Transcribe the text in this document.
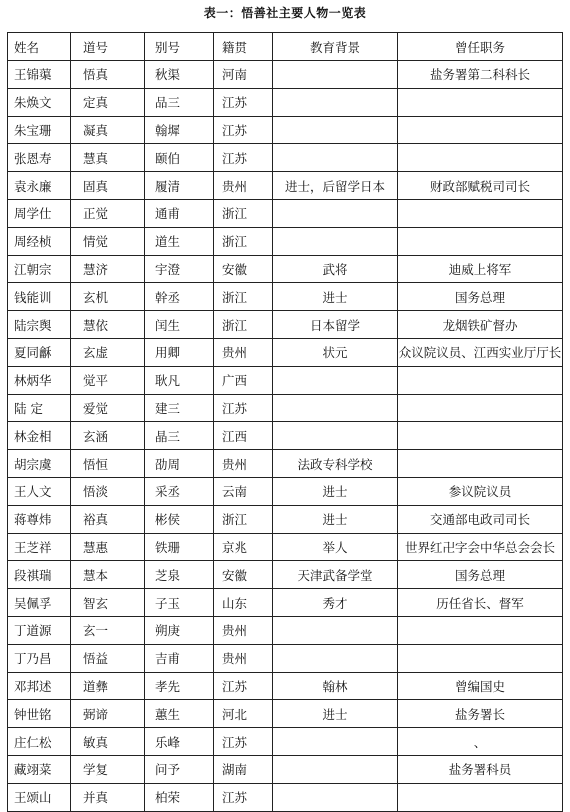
表一：悟善社主要人物一览表
姓名	道号	别号	籍贯	教育背景	曾任职务
王锦蕖	悟真	秋渠	河南		盐务署第二科科长
朱焕文	定真	品三	江苏		
朱宝珊	凝真	翰墀	江苏		
张恩寿	慧真	颐伯	江苏		
袁永廉	固真	履清	贵州	进士，后留学日本	财政部赋税司司长
周学仕	正觉	通甫	浙江		
周经桢	情觉	道生	浙江		
江朝宗	慧济	宇澄	安徽	武将	迪威上将军
钱能训	玄机	幹丞	浙江	进士	国务总理
陆宗舆	慧依	闰生	浙江	日本留学	龙烟铁矿督办
夏同龢	玄虚	用卿	贵州	状元	众议院议员、江西实业厅厅长
林炳华	觉平	耿凡	广西		
陆 定	爱觉	建三	江苏		
林金相	玄涵	晶三	江西		
胡宗虞	悟恒	劭周	贵州	法政专科学校	
王人文	悟淡	采丞	云南	进士	参议院议员
蒋尊炜	裕真	彬侯	浙江	进士	交通部电政司司长
王芝祥	慧惠	铁珊	京兆	举人	世界红卍字会中华总会会长
段祺瑞	慧本	芝泉	安徽	天津武备学堂	国务总理
吴佩孚	智玄	子玉	山东	秀才	历任省长、督军
丁道源	玄一	朔庚	贵州		
丁乃昌	悟益	吉甫	贵州		
邓邦述	道彝	孝先	江苏	翰林	曾编国史
钟世铭	弼谛	蕙生	河北	进士	盐务署长
庄仁松	敏真	乐峰	江苏		、
藏翊菜	学复	问予	湖南		盐务署科员
王颂山	并真	柏荣	江苏		
